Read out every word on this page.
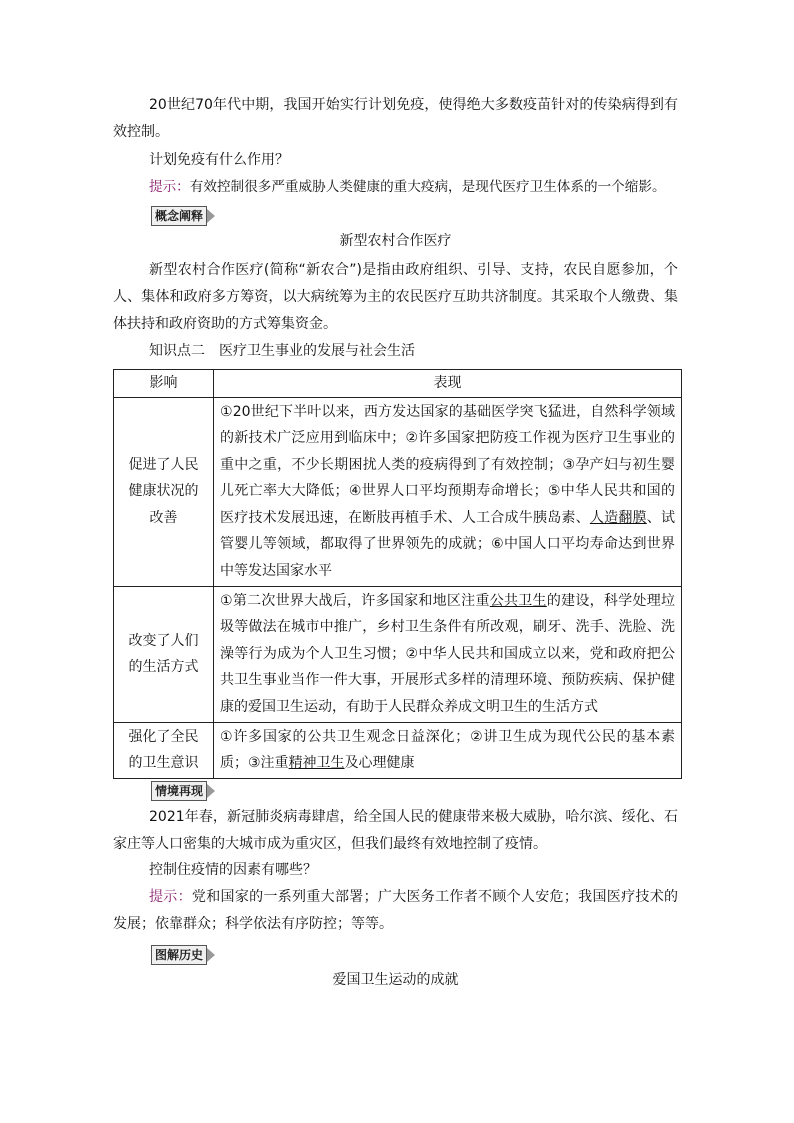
20世纪70年代中期，我国开始实行计划免疫，使得绝大多数疫苗针对的传染病得到有效控制。

计划免疫有什么作用？

提示：有效控制很多严重威胁人类健康的重大疫病，是现代医疗卫生体系的一个缩影。

概念阐释

新型农村合作医疗

新型农村合作医疗(简称“新农合”)是指由政府组织、引导、支持，农民自愿参加，个人、集体和政府多方筹资，以大病统筹为主的农民医疗互助共济制度。其采取个人缴费、集体扶持和政府资助的方式筹集资金。

知识点二　医疗卫生事业的发展与社会生活

影响	表现
促进了人民健康状况的改善	①20世纪下半叶以来，西方发达国家的基础医学突飞猛进，自然科学领域的新技术广泛应用到临床中；②许多国家把防疫工作视为医疗卫生事业的重中之重，不少长期困扰人类的疫病得到了有效控制；③孕产妇与初生婴儿死亡率大大降低；④世界人口平均预期寿命增长；⑤中华人民共和国的医疗技术发展迅速，在断肢再植手术、人工合成牛胰岛素、人造翻膜、试管婴儿等领域，都取得了世界领先的成就；⑥中国人口平均寿命达到世界中等发达国家水平
改变了人们的生活方式	①第二次世界大战后，许多国家和地区注重公共卫生的建设，科学处理垃圾等做法在城市中推广，乡村卫生条件有所改观，刷牙、洗手、洗脸、洗澡等行为成为个人卫生习惯；②中华人民共和国成立以来，党和政府把公共卫生事业当作一件大事，开展形式多样的清理环境、预防疾病、保护健康的爱国卫生运动，有助于人民群众养成文明卫生的生活方式
强化了全民的卫生意识	①许多国家的公共卫生观念日益深化；②讲卫生成为现代公民的基本素质；③注重精神卫生及心理健康
情境再现

2021年春，新冠肺炎病毒肆虐，给全国人民的健康带来极大威胁，哈尔滨、绥化、石家庄等人口密集的大城市成为重灾区，但我们最终有效地控制了疫情。

控制住疫情的因素有哪些？

提示：党和国家的一系列重大部署；广大医务工作者不顾个人安危；我国医疗技术的发展；依靠群众；科学依法有序防控；等等。

图解历史

爱国卫生运动的成就
